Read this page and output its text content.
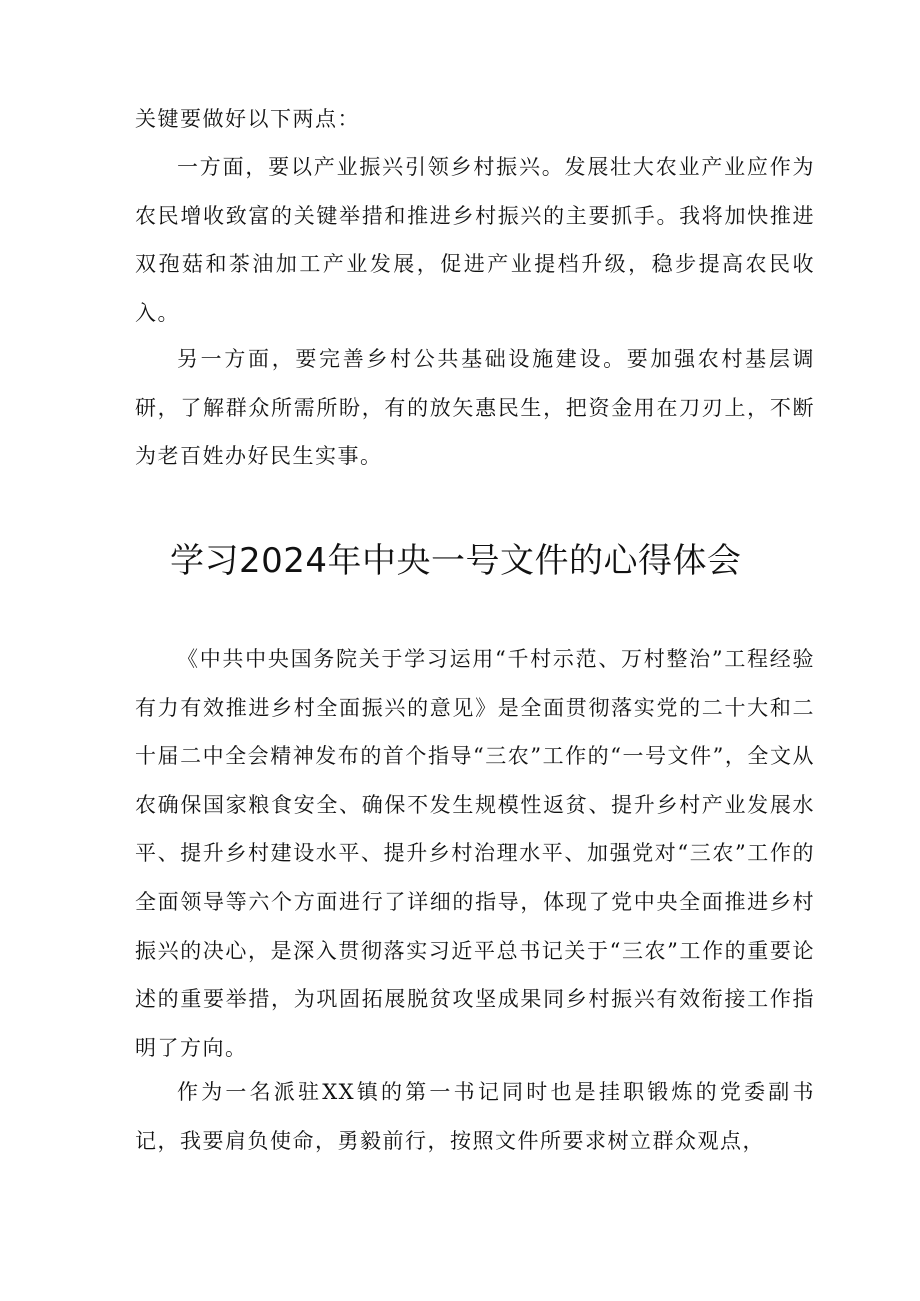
关键要做好以下两点：

一方面，要以产业振兴引领乡村振兴。发展壮大农业产业应作为农民增收致富的关键举措和推进乡村振兴的主要抓手。我将加快推进双孢菇和茶油加工产业发展，促进产业提档升级，稳步提高农民收入。

另一方面，要完善乡村公共基础设施建设。要加强农村基层调研，了解群众所需所盼，有的放矢惠民生，把资金用在刀刃上，不断为老百姓办好民生实事。

学习2024年中央一号文件的心得体会

《中共中央国务院关于学习运用“千村示范、万村整治”工程经验有力有效推进乡村全面振兴的意见》是全面贯彻落实党的二十大和二十届二中全会精神发布的首个指导“三农”工作的“一号文件”，全文从农确保国家粮食安全、确保不发生规模性返贫、提升乡村产业发展水平、提升乡村建设水平、提升乡村治理水平、加强党对“三农”工作的全面领导等六个方面进行了详细的指导，体现了党中央全面推进乡村振兴的决心，是深入贯彻落实习近平总书记关于“三农”工作的重要论述的重要举措，为巩固拓展脱贫攻坚成果同乡村振兴有效衔接工作指明了方向。

作为一名派驻XX镇的第一书记同时也是挂职锻炼的党委副书记，我要肩负使命，勇毅前行，按照文件所要求树立群众观点，
